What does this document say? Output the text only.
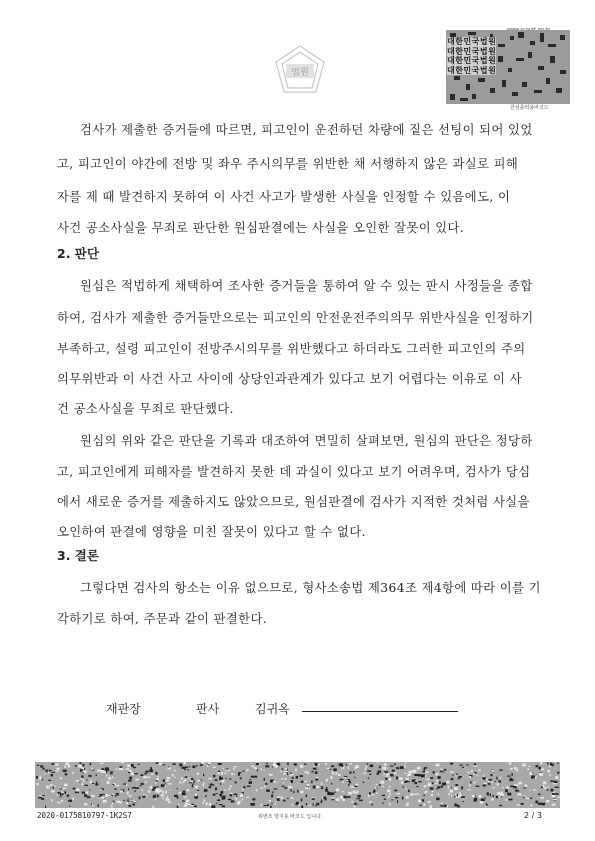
법원
대한민국법원
대한민국법원
대한민국법원
대한민국법원
원심출력용바코드
검사가 제출한 증거들에 따르면, 피고인이 운전하던 차량에 짙은 선팅이 되어 있었
고, 피고인이 야간에 전방 및 좌우 주시의무를 위반한 채 서행하지 않은 과실로 피해
자를 제 때 발견하지 못하여 이 사건 사고가 발생한 사실을 인정할 수 있음에도, 이
사건 공소사실을 무죄로 판단한 원심판결에는 사실을 오인한 잘못이 있다.
2. 판단
원심은 적법하게 채택하여 조사한 증거들을 통하여 알 수 있는 판시 사정들을 종합
하여, 검사가 제출한 증거들만으로는 피고인의 안전운전주의의무 위반사실을 인정하기
부족하고, 설령 피고인이 전방주시의무를 위반했다고 하더라도 그러한 피고인의 주의
의무위반과 이 사건 사고 사이에 상당인과관계가 있다고 보기 어렵다는 이유로 이 사
건 공소사실을 무죄로 판단했다.
원심의 위와 같은 판단을 기록과 대조하여 면밀히 살펴보면, 원심의 판단은 정당하
고, 피고인에게 피해자를 발견하지 못한 데 과실이 있다고 보기 어려우며, 검사가 당심
에서 새로운 증거를 제출하지도 않았으므로, 원심판결에 검사가 지적한 것처럼 사실을
오인하여 판결에 영향을 미친 잘못이 있다고 할 수 없다.
3. 결론
그렇다면 검사의 항소는 이유 없으므로, 형사소송법 제364조 제4항에 따라 이를 기
각하기로 하여, 주문과 같이 판결한다.
재판장	판사	김귀옥
2020-0175810797-1K2S7	위변조 방지용 바코드 입니다.	2 / 3
